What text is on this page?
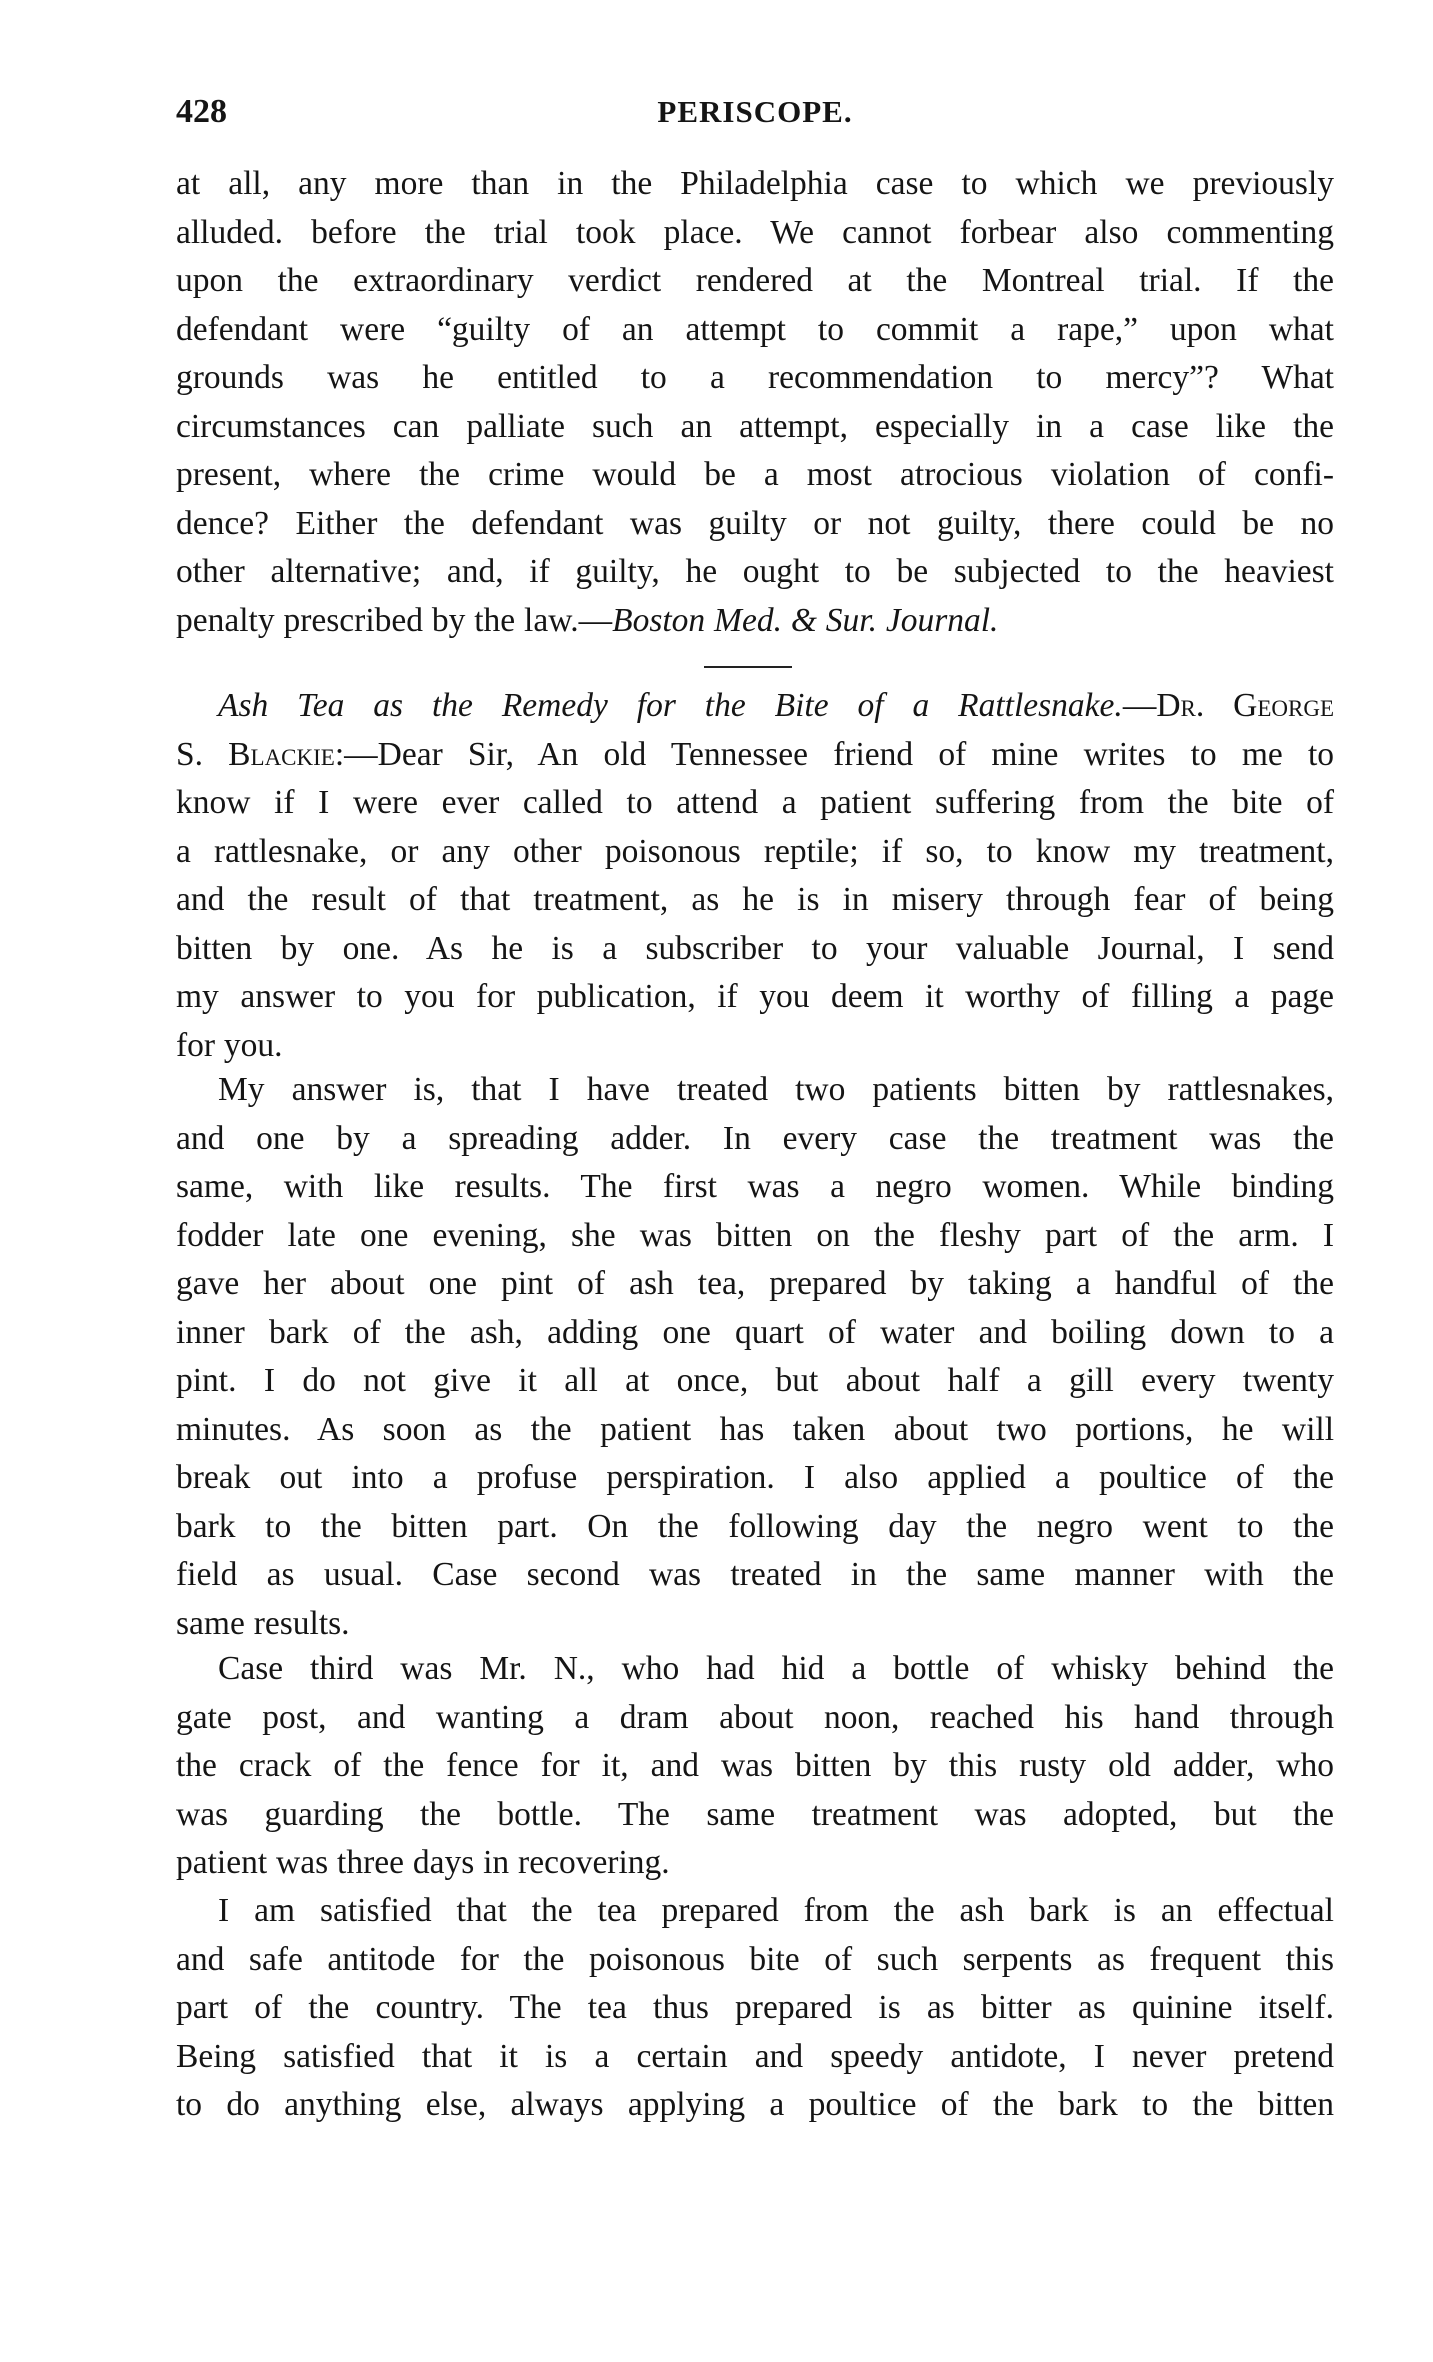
428	PERISCOPE.
at all, any more than in the Philadelphia case to which we previously
alluded. before the trial took place. We cannot forbear also commenting
upon the extraordinary verdict rendered at the Montreal trial. If the
defendant were “guilty of an attempt to commit a rape,” upon what
grounds was he entitled to a recommendation to mercy”? What
circumstances can palliate such an attempt, especially in a case like the
present, where the crime would be a most atrocious violation of confi-
dence? Either the defendant was guilty or not guilty, there could be no
other alternative; and, if guilty, he ought to be subjected to the heaviest
penalty prescribed by the law.—Boston Med. & Sur. Journal.
Ash Tea as the Remedy for the Bite of a Rattlesnake.—Dr. George
S. Blackie:—Dear Sir, An old Tennessee friend of mine writes to me to
know if I were ever called to attend a patient suffering from the bite of
a rattlesnake, or any other poisonous reptile; if so, to know my treatment,
and the result of that treatment, as he is in misery through fear of being
bitten by one. As he is a subscriber to your valuable Journal, I send
my answer to you for publication, if you deem it worthy of filling a page
for you.
My answer is, that I have treated two patients bitten by rattlesnakes,
and one by a spreading adder. In every case the treatment was the
same, with like results. The first was a negro women. While binding
fodder late one evening, she was bitten on the fleshy part of the arm. I
gave her about one pint of ash tea, prepared by taking a handful of the
inner bark of the ash, adding one quart of water and boiling down to a
pint. I do not give it all at once, but about half a gill every twenty
minutes. As soon as the patient has taken about two portions, he will
break out into a profuse perspiration. I also applied a poultice of the
bark to the bitten part. On the following day the negro went to the
field as usual. Case second was treated in the same manner with the
same results.
Case third was Mr. N., who had hid a bottle of whisky behind the
gate post, and wanting a dram about noon, reached his hand through
the crack of the fence for it, and was bitten by this rusty old adder, who
was guarding the bottle. The same treatment was adopted, but the
patient was three days in recovering.
I am satisfied that the tea prepared from the ash bark is an effectual
and safe antitode for the poisonous bite of such serpents as frequent this
part of the country. The tea thus prepared is as bitter as quinine itself.
Being satisfied that it is a certain and speedy antidote, I never pretend
to do anything else, always applying a poultice of the bark to the bitten
